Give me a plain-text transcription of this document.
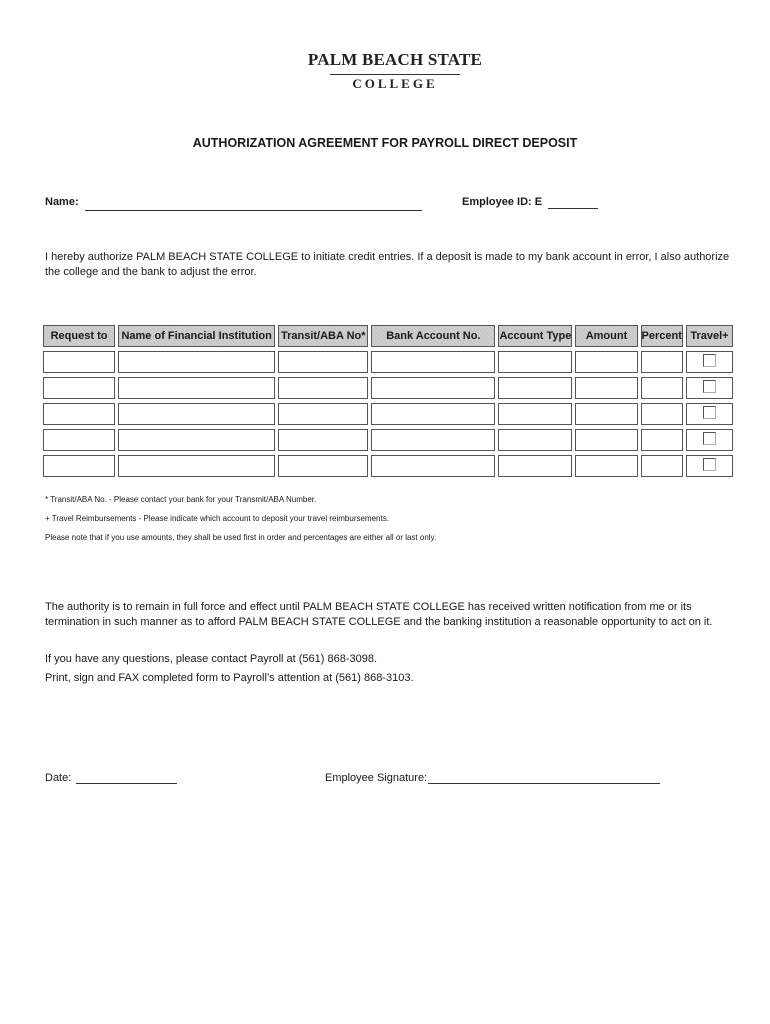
PALM BEACH STATE
COLLEGE
AUTHORIZATION AGREEMENT FOR PAYROLL DIRECT DEPOSIT
Name:	Employee ID: E
I hereby authorize PALM BEACH STATE COLLEGE to initiate credit entries. If a deposit is made to my bank account in error, I also authorize the college and the bank to adjust the error.
Request to	Name of Financial Institution	Transit/ABA No*	Bank Account No.	Account Type	Amount	Percent	Travel+

* Transit/ABA No. - Please contact your bank for your Transmit/ABA Number.
+ Travel Reimbursements - Please indicate which account to deposit your travel reimbursements.
Please note that if you use amounts, they shall be used first in order and percentages are either all or last only.
The authority is to remain in full force and effect until PALM BEACH STATE COLLEGE has received written notification from me or its termination in such manner as to afford PALM BEACH STATE COLLEGE and the banking institution a reasonable opportunity to act on it.
If you have any questions, please contact Payroll at (561) 868-3098.
Print, sign and FAX completed form to Payroll’s attention at (561) 868-3103.
Date:	Employee Signature:
